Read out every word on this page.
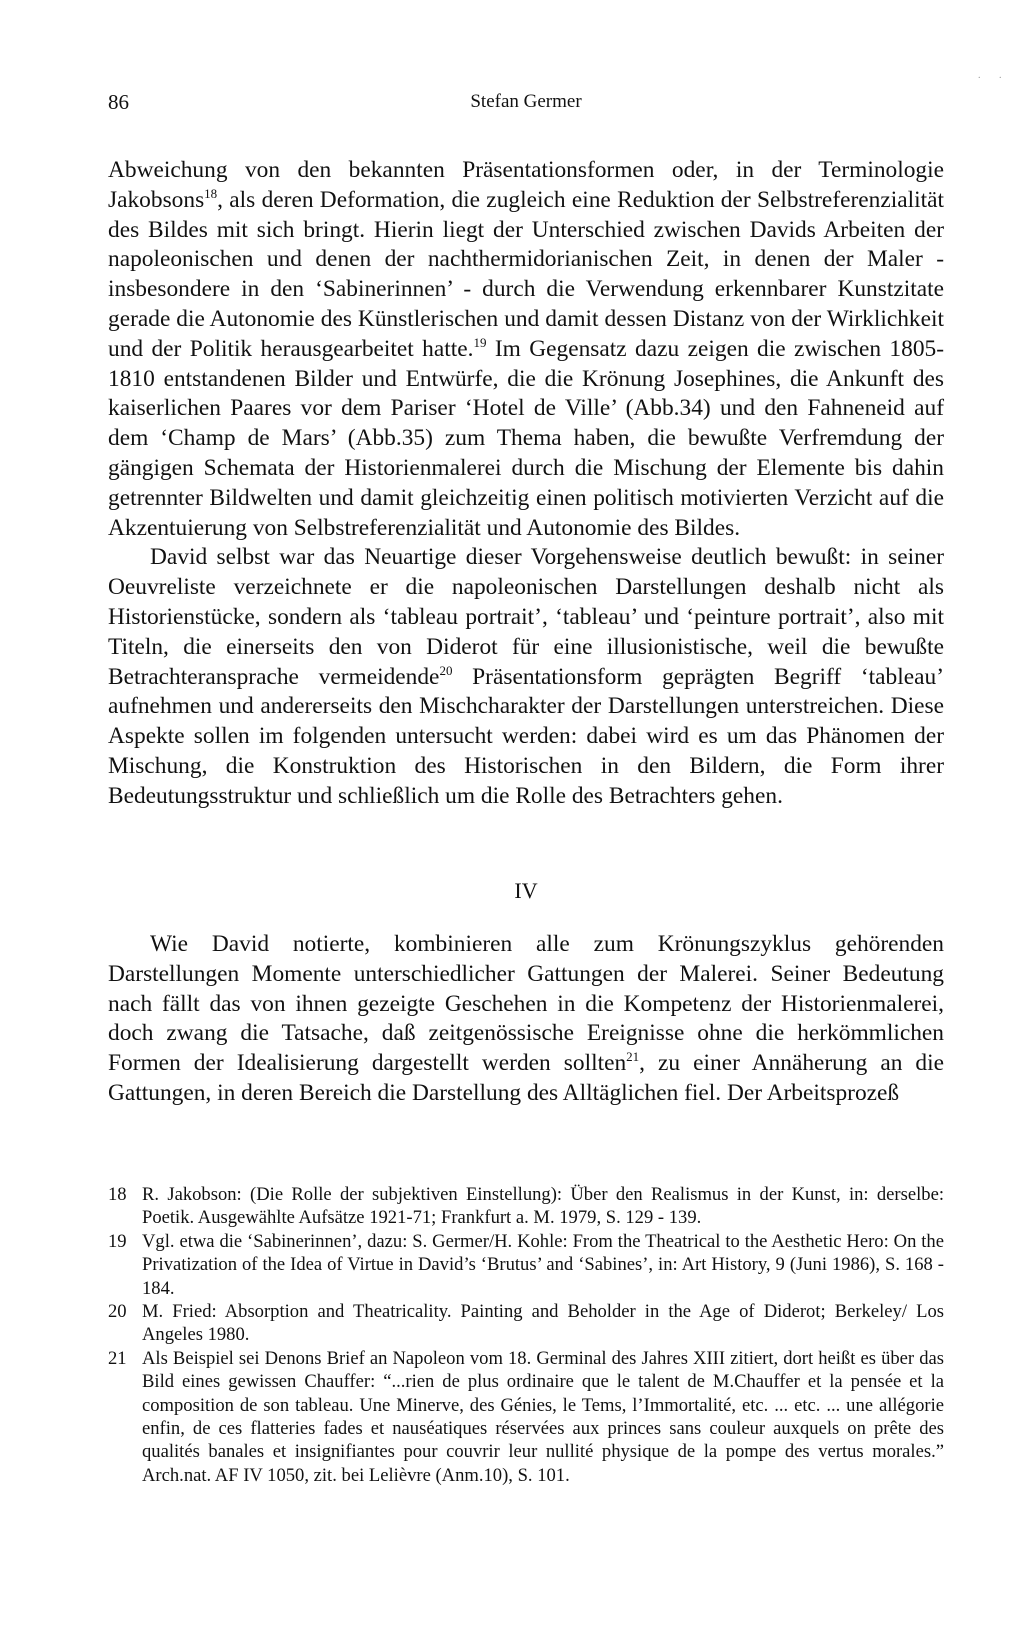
. .
86	Stefan Germer

Abweichung von den bekannten Präsentationsformen oder, in der Terminologie Jakobsons$^{18}$, als deren Deformation, die zugleich eine Reduktion der Selbstreferenzialität des Bildes mit sich bringt. Hierin liegt der Unterschied zwischen Davids Arbeiten der napoleonischen und denen der nachthermidorianischen Zeit, in denen der Maler - insbesondere in den ‘Sabinerinnen’ - durch die Verwendung erkennbarer Kunstzitate gerade die Autonomie des Künstlerischen und damit dessen Distanz von der Wirklichkeit und der Politik herausgearbeitet hatte.$^{19}$ Im Gegensatz dazu zeigen die zwischen 1805-1810 entstandenen Bilder und Entwürfe, die die Krönung Josephines, die Ankunft des kaiserlichen Paares vor dem Pariser ‘Hotel de Ville’ (Abb.34) und den Fahneneid auf dem ‘Champ de Mars’ (Abb.35) zum Thema haben, die bewußte Verfremdung der gängigen Schemata der Historienmalerei durch die Mischung der Elemente bis dahin getrennter Bildwelten und damit gleichzeitig einen politisch motivierten Verzicht auf die Akzentuierung von Selbstreferenzialität und Autonomie des Bildes.

David selbst war das Neuartige dieser Vorgehensweise deutlich bewußt: in seiner Oeuvreliste verzeichnete er die napoleonischen Darstellungen deshalb nicht als Historienstücke, sondern als ‘tableau portrait’, ‘tableau’ und ‘peinture portrait’, also mit Titeln, die einerseits den von Diderot für eine illusionistische, weil die bewußte Betrachteransprache vermeidende$^{20}$ Präsentationsform geprägten Begriff ‘tableau’ aufnehmen und andererseits den Mischcharakter der Darstellungen unterstreichen. Diese Aspekte sollen im folgenden untersucht werden: dabei wird es um das Phänomen der Mischung, die Konstruktion des Historischen in den Bildern, die Form ihrer Bedeutungsstruktur und schließlich um die Rolle des Betrachters gehen.

IV

Wie David notierte, kombinieren alle zum Krönungszyklus gehörenden Darstellungen Momente unterschiedlicher Gattungen der Malerei. Seiner Bedeutung nach fällt das von ihnen gezeigte Geschehen in die Kompetenz der Historienmalerei, doch zwang die Tatsache, daß zeitgenössische Ereignisse ohne die herkömmlichen Formen der Idealisierung dargestellt werden sollten$^{21}$, zu einer Annäherung an die Gattungen, in deren Bereich die Darstellung des Alltäglichen fiel. Der Arbeitsprozeß

18 R. Jakobson: (Die Rolle der subjektiven Einstellung): Über den Realismus in der Kunst, in: derselbe: Poetik. Ausgewählte Aufsätze 1921-71; Frankfurt a. M. 1979, S. 129 - 139.
19 Vgl. etwa die ‘Sabinerinnen’, dazu: S. Germer/H. Kohle: From the Theatrical to the Aesthetic Hero: On the Privatization of the Idea of Virtue in David’s ‘Brutus’ and ‘Sabines’, in: Art History, 9 (Juni 1986), S. 168 - 184.
20 M. Fried: Absorption and Theatricality. Painting and Beholder in the Age of Diderot; Berkeley/ Los Angeles 1980.
21 Als Beispiel sei Denons Brief an Napoleon vom 18. Germinal des Jahres XIII zitiert, dort heißt es über das Bild eines gewissen Chauffer: “...rien de plus ordinaire que le talent de M.Chauffer et la pensée et la composition de son tableau. Une Minerve, des Génies, le Tems, l’Immortalité, etc. ... etc. ... une allégorie enfin, de ces flatteries fades et nauséatiques réservées aux princes sans couleur auxquels on prête des qualités banales et insignifiantes pour couvrir leur nullité physique de la pompe des vertus morales.” Arch.nat. AF IV 1050, zit. bei Lelièvre (Anm.10), S. 101.
